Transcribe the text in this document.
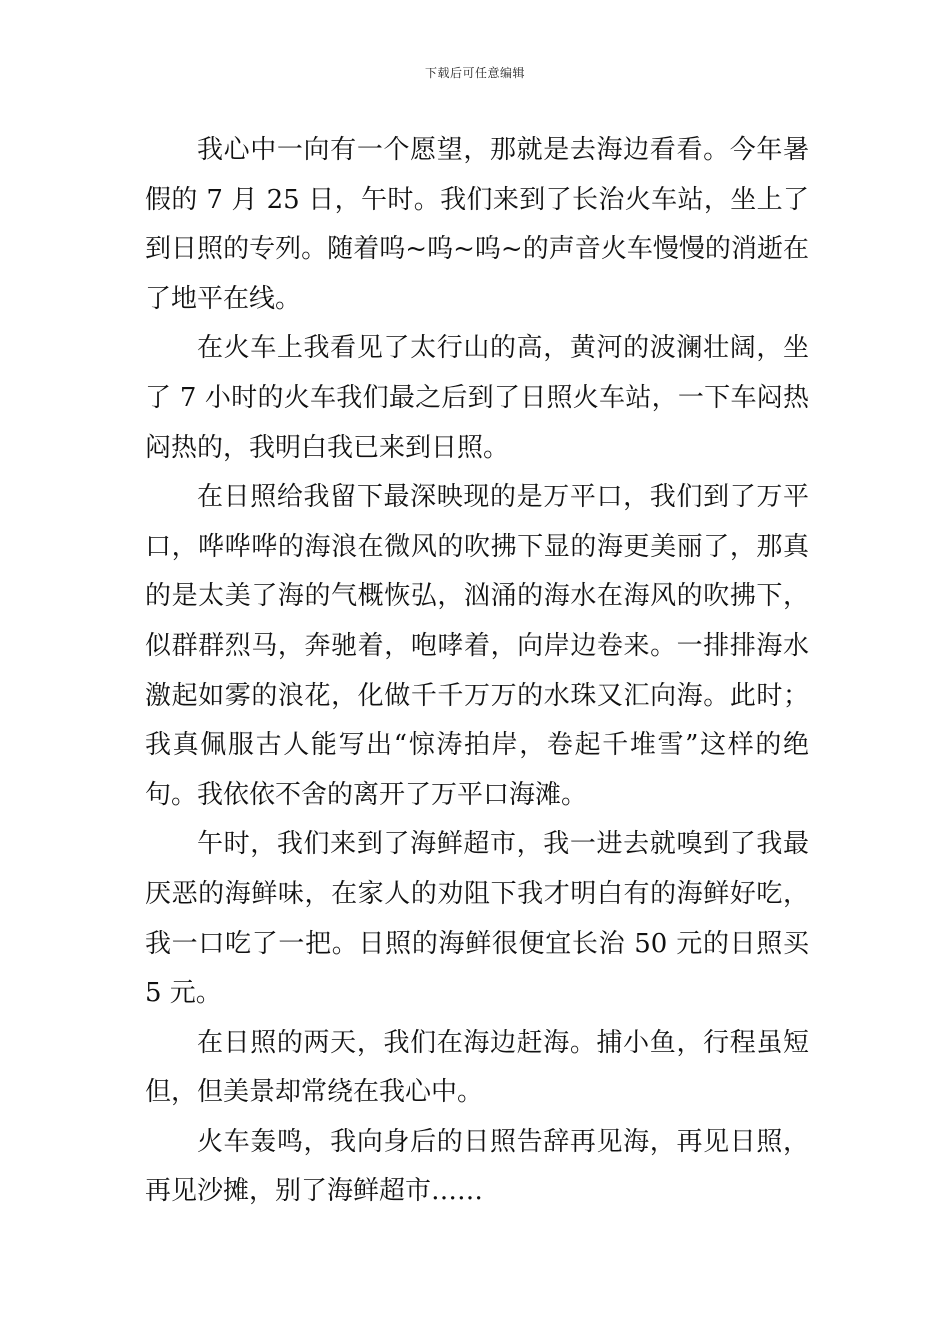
下载后可任意编辑

我心中一向有一个愿望，那就是去海边看看。今年暑假的 7 月 25 日，午时。我们来到了长治火车站，坐上了到日照的专列。随着呜~呜~呜~的声音火车慢慢的消逝在了地平在线。

在火车上我看见了太行山的高，黄河的波澜壮阔，坐了 7 小时的火车我们最之后到了日照火车站，一下车闷热闷热的，我明白我已来到日照。

在日照给我留下最深映现的是万平口，我们到了万平口，哗哗哗的海浪在微风的吹拂下显的海更美丽了，那真的是太美了海的气概恢弘，汹涌的海水在海风的吹拂下，似群群烈马，奔驰着，咆哮着，向岸边卷来。一排排海水激起如雾的浪花，化做千千万万的水珠又汇向海。此时；我真佩服古人能写出“惊涛拍岸，卷起千堆雪”这样的绝句。我依依不舍的离开了万平口海滩。

午时，我们来到了海鲜超市，我一进去就嗅到了我最厌恶的海鲜味，在家人的劝阻下我才明白有的海鲜好吃，我一口吃了一把。日照的海鲜很便宜长治 50 元的日照买 5 元。

在日照的两天，我们在海边赶海。捕小鱼，行程虽短但，但美景却常绕在我心中。

火车轰鸣，我向身后的日照告辞再见海，再见日照，再见沙摊，别了海鲜超市……
